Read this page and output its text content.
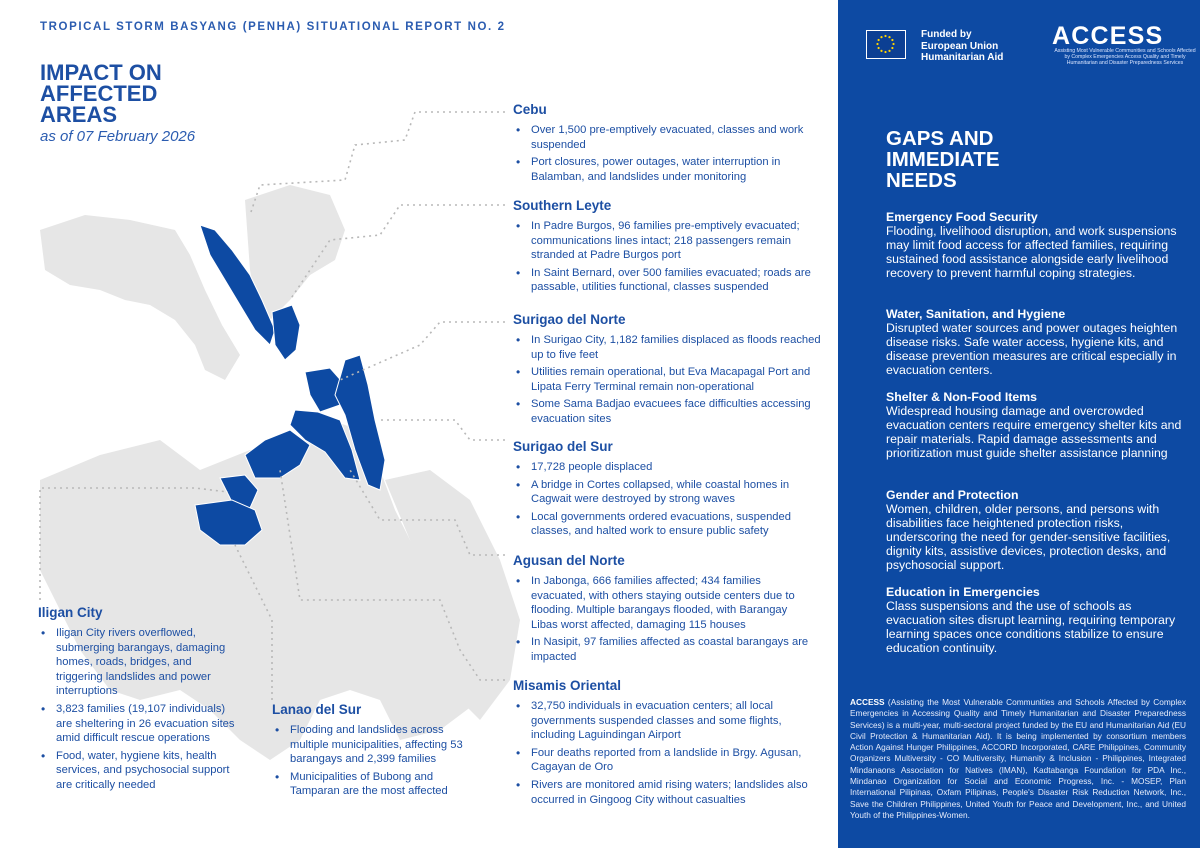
TROPICAL STORM BASYANG (PENHA) SITUATIONAL REPORT NO. 2
IMPACT ON
AFFECTED
AREAS
as of 07 February 2026
Cebu
• Over 1,500 pre-emptively evacuated, classes and work suspended
• Port closures, power outages, water interruption in Balamban, and landslides under monitoring
Southern Leyte
• In Padre Burgos, 96 families pre-emptively evacuated; communications lines intact; 218 passengers remain stranded at Padre Burgos port
• In Saint Bernard, over 500 families evacuated; roads are passable, utilities functional, classes suspended
Surigao del Norte
• In Surigao City, 1,182 families displaced as floods reached up to five feet
• Utilities remain operational, but Eva Macapagal Port and Lipata Ferry Terminal remain non-operational
• Some Sama Badjao evacuees face difficulties accessing evacuation sites
Surigao del Sur
• 17,728 people displaced
• A bridge in Cortes collapsed, while coastal homes in Cagwait were destroyed by strong waves
• Local governments ordered evacuations, suspended classes, and halted work to ensure public safety
Agusan del Norte
• In Jabonga, 666 families affected; 434 families evacuated, with others staying outside centers due to flooding. Multiple barangays flooded, with Barangay Libas worst affected, damaging 115 houses
• In Nasipit, 97 families affected as coastal barangays are impacted
Misamis Oriental
• 32,750 individuals in evacuation centers; all local governments suspended classes and some flights, including Laguindingan Airport
• Four deaths reported from a landslide in Brgy. Agusan, Cagayan de Oro
• Rivers are monitored amid rising waters; landslides also occurred in Gingoog City without casualties
Iligan City
• Iligan City rivers overflowed, submerging barangays, damaging homes, roads, bridges, and triggering landslides and power interruptions
• 3,823 families (19,107 individuals) are sheltering in 26 evacuation sites amid difficult rescue operations
• Food, water, hygiene kits, health services, and psychosocial support are critically needed
Lanao del Sur
• Flooding and landslides across multiple municipalities, affecting 53 barangays and 2,399 families
• Municipalities of Bubong and Tamparan are the most affected
Funded by
European Union
Humanitarian Aid
ACCESS
Assisting Most Vulnerable Communities and Schools Affected by Complex Emergencies Access Quality and Timely Humanitarian and Disaster Preparedness Services
GAPS AND
IMMEDIATE
NEEDS
Emergency Food Security

Flooding, livelihood disruption, and work suspensions may limit food access for affected families, requiring sustained food assistance alongside early livelihood recovery to prevent harmful coping strategies.

Water, Sanitation, and Hygiene

Disrupted water sources and power outages heighten disease risks. Safe water access, hygiene kits, and disease prevention measures are critical especially in evacuation centers.

Shelter & Non-Food Items

Widespread housing damage and overcrowded evacuation centers require emergency shelter kits and repair materials. Rapid damage assessments and prioritization must guide shelter assistance planning

Gender and Protection

Women, children, older persons, and persons with disabilities face heightened protection risks, underscoring the need for gender-sensitive facilities, dignity kits, assistive devices, protection desks, and psychosocial support.

Education in Emergencies

Class suspensions and the use of schools as evacuation sites disrupt learning, requiring temporary learning spaces once conditions stabilize to ensure education continuity.

ACCESS (Assisting the Most Vulnerable Communities and Schools Affected by Complex Emergencies in Accessing Quality and Timely Humanitarian and Disaster Preparedness Services) is a multi-year, multi-sectoral project funded by the EU and Humanitarian Aid (EU Civil Protection & Humanitarian Aid). It is being implemented by consortium members Action Against Hunger Philippines, ACCORD Incorporated, CARE Philippines, Community Organizers Multiversity - CO Multiversity, Humanity & Inclusion - Philippines, Integrated Mindanaons Association for Natives (IMAN), Kadtabanga Foundation for PDA Inc., Mindanao Organization for Social and Economic Progress, Inc. - MOSEP, Plan International Pilipinas, Oxfam Pilipinas, People's Disaster Risk Reduction Network, Inc., Save the Children Philippines, United Youth for Peace and Development, Inc., and United Youth of the Philippines-Women.
